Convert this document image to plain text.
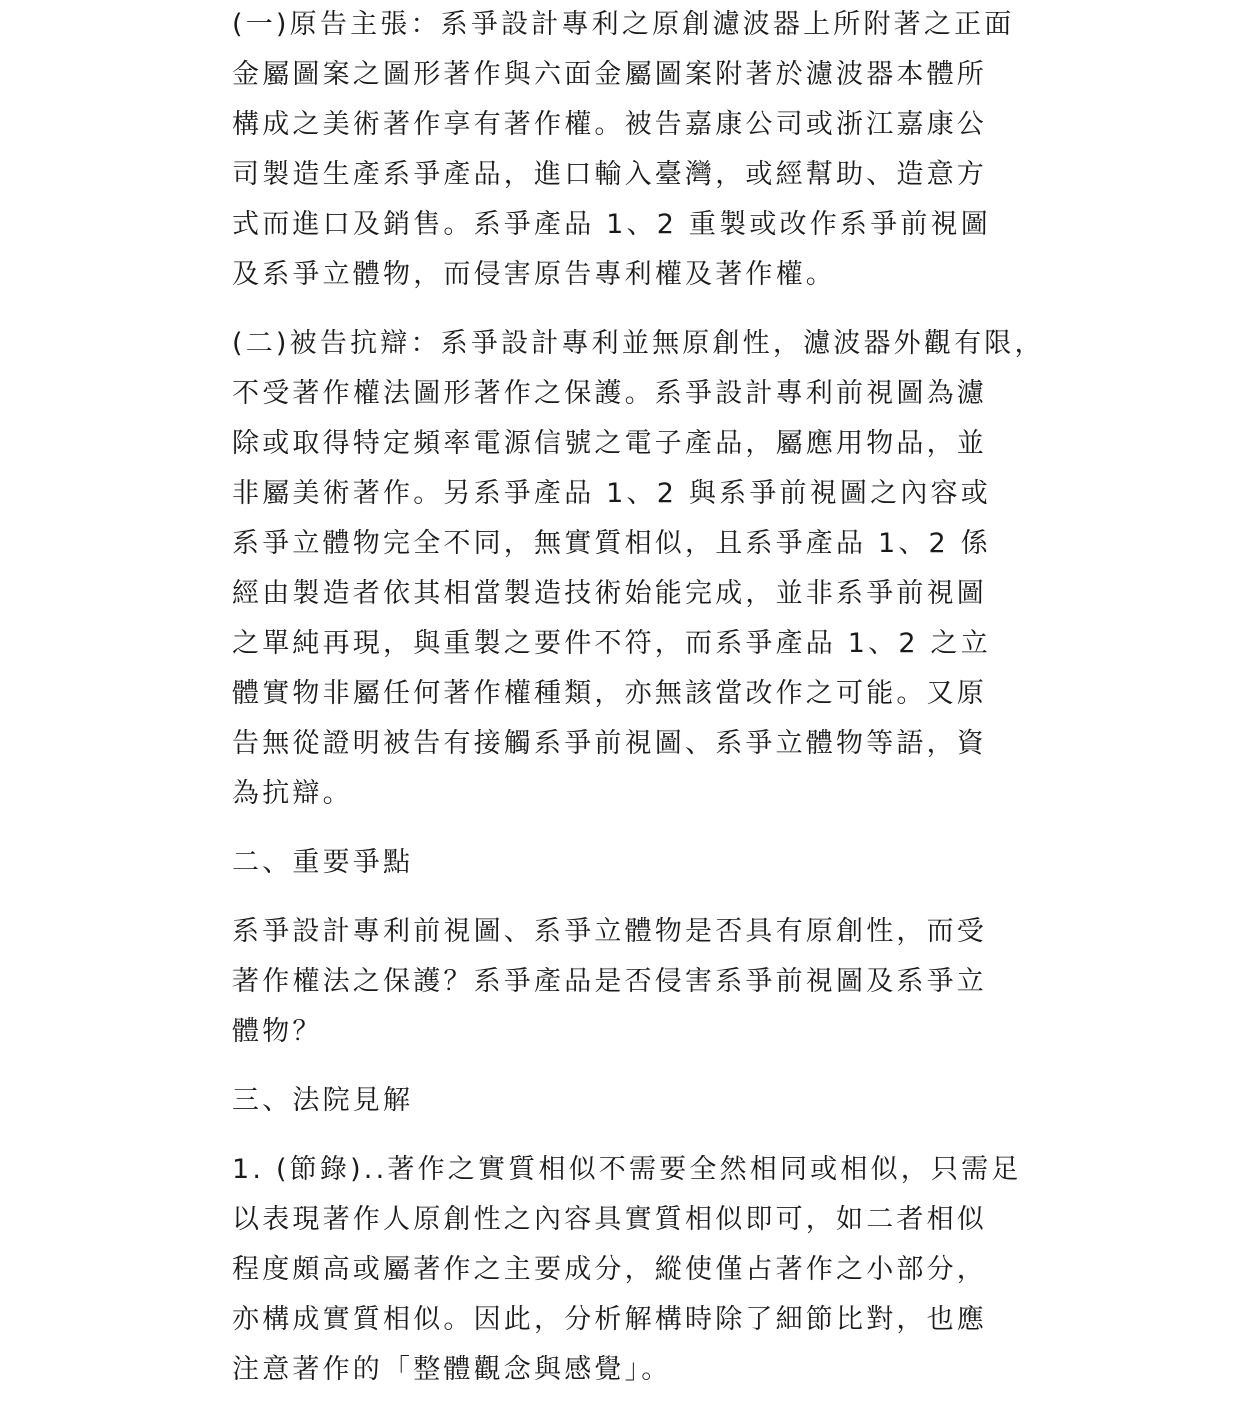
(一)原告主張：系爭設計專利之原創濾波器上所附著之正面
金屬圖案之圖形著作與六面金屬圖案附著於濾波器本體所
構成之美術著作享有著作權。被告嘉康公司或浙江嘉康公
司製造生產系爭產品，進口輸入臺灣，或經幫助、造意方
式而進口及銷售。系爭產品 1、2 重製或改作系爭前視圖
及系爭立體物，而侵害原告專利權及著作權。
(二)被告抗辯：系爭設計專利並無原創性，濾波器外觀有限，
不受著作權法圖形著作之保護。系爭設計專利前視圖為濾
除或取得特定頻率電源信號之電子產品，屬應用物品，並
非屬美術著作。另系爭產品 1、2 與系爭前視圖之內容或
系爭立體物完全不同，無實質相似，且系爭產品 1、2 係
經由製造者依其相當製造技術始能完成，並非系爭前視圖
之單純再現，與重製之要件不符，而系爭產品 1、2 之立
體實物非屬任何著作權種類，亦無該當改作之可能。又原
告無從證明被告有接觸系爭前視圖、系爭立體物等語，資
為抗辯。
二、重要爭點
系爭設計專利前視圖、系爭立體物是否具有原創性，而受
著作權法之保護？系爭產品是否侵害系爭前視圖及系爭立
體物？
三、法院見解
1. (節錄)..著作之實質相似不需要全然相同或相似，只需足
以表現著作人原創性之內容具實質相似即可，如二者相似
程度頗高或屬著作之主要成分，縱使僅占著作之小部分，
亦構成實質相似。因此，分析解構時除了細節比對，也應
注意著作的「整體觀念與感覺」。
